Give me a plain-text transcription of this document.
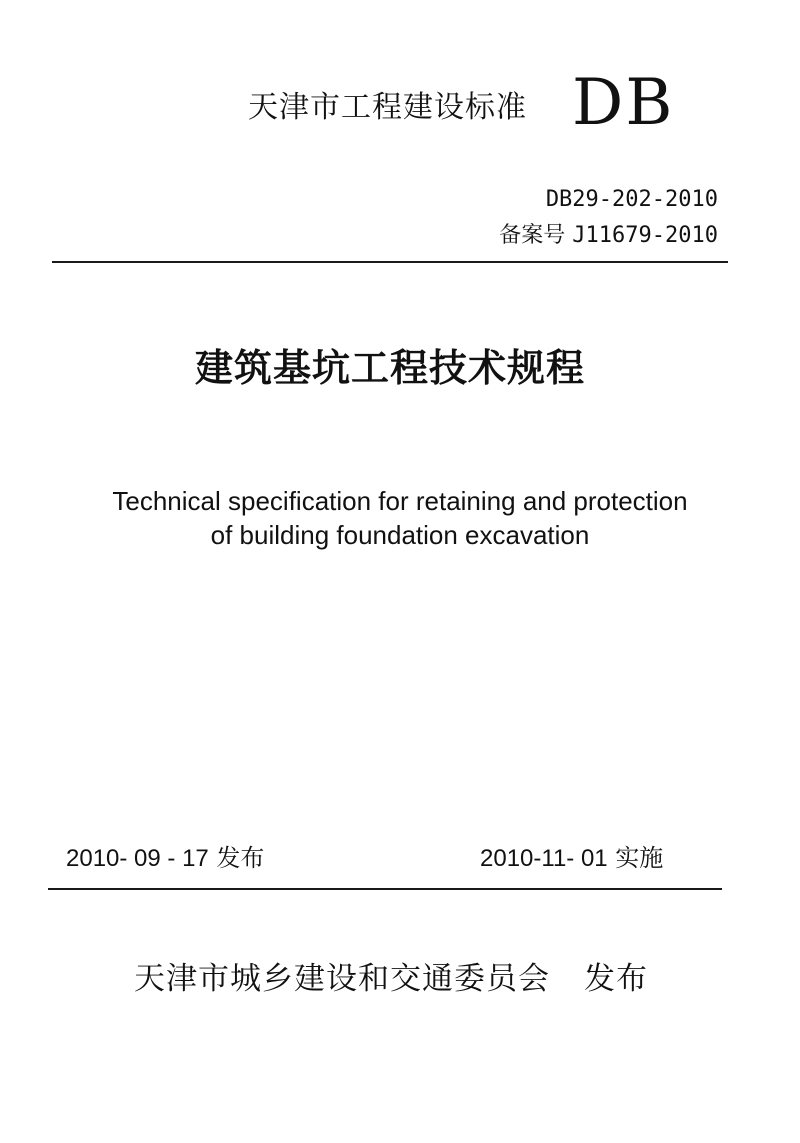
天津市工程建设标准 DB
DB29-202-2010
备案号 J11679-2010
建筑基坑工程技术规程
Technical specification for retaining and protection
of building foundation excavation
2010- 09 - 17 发布	2010-11- 01 实施
天津市城乡建设和交通委员会 发布
